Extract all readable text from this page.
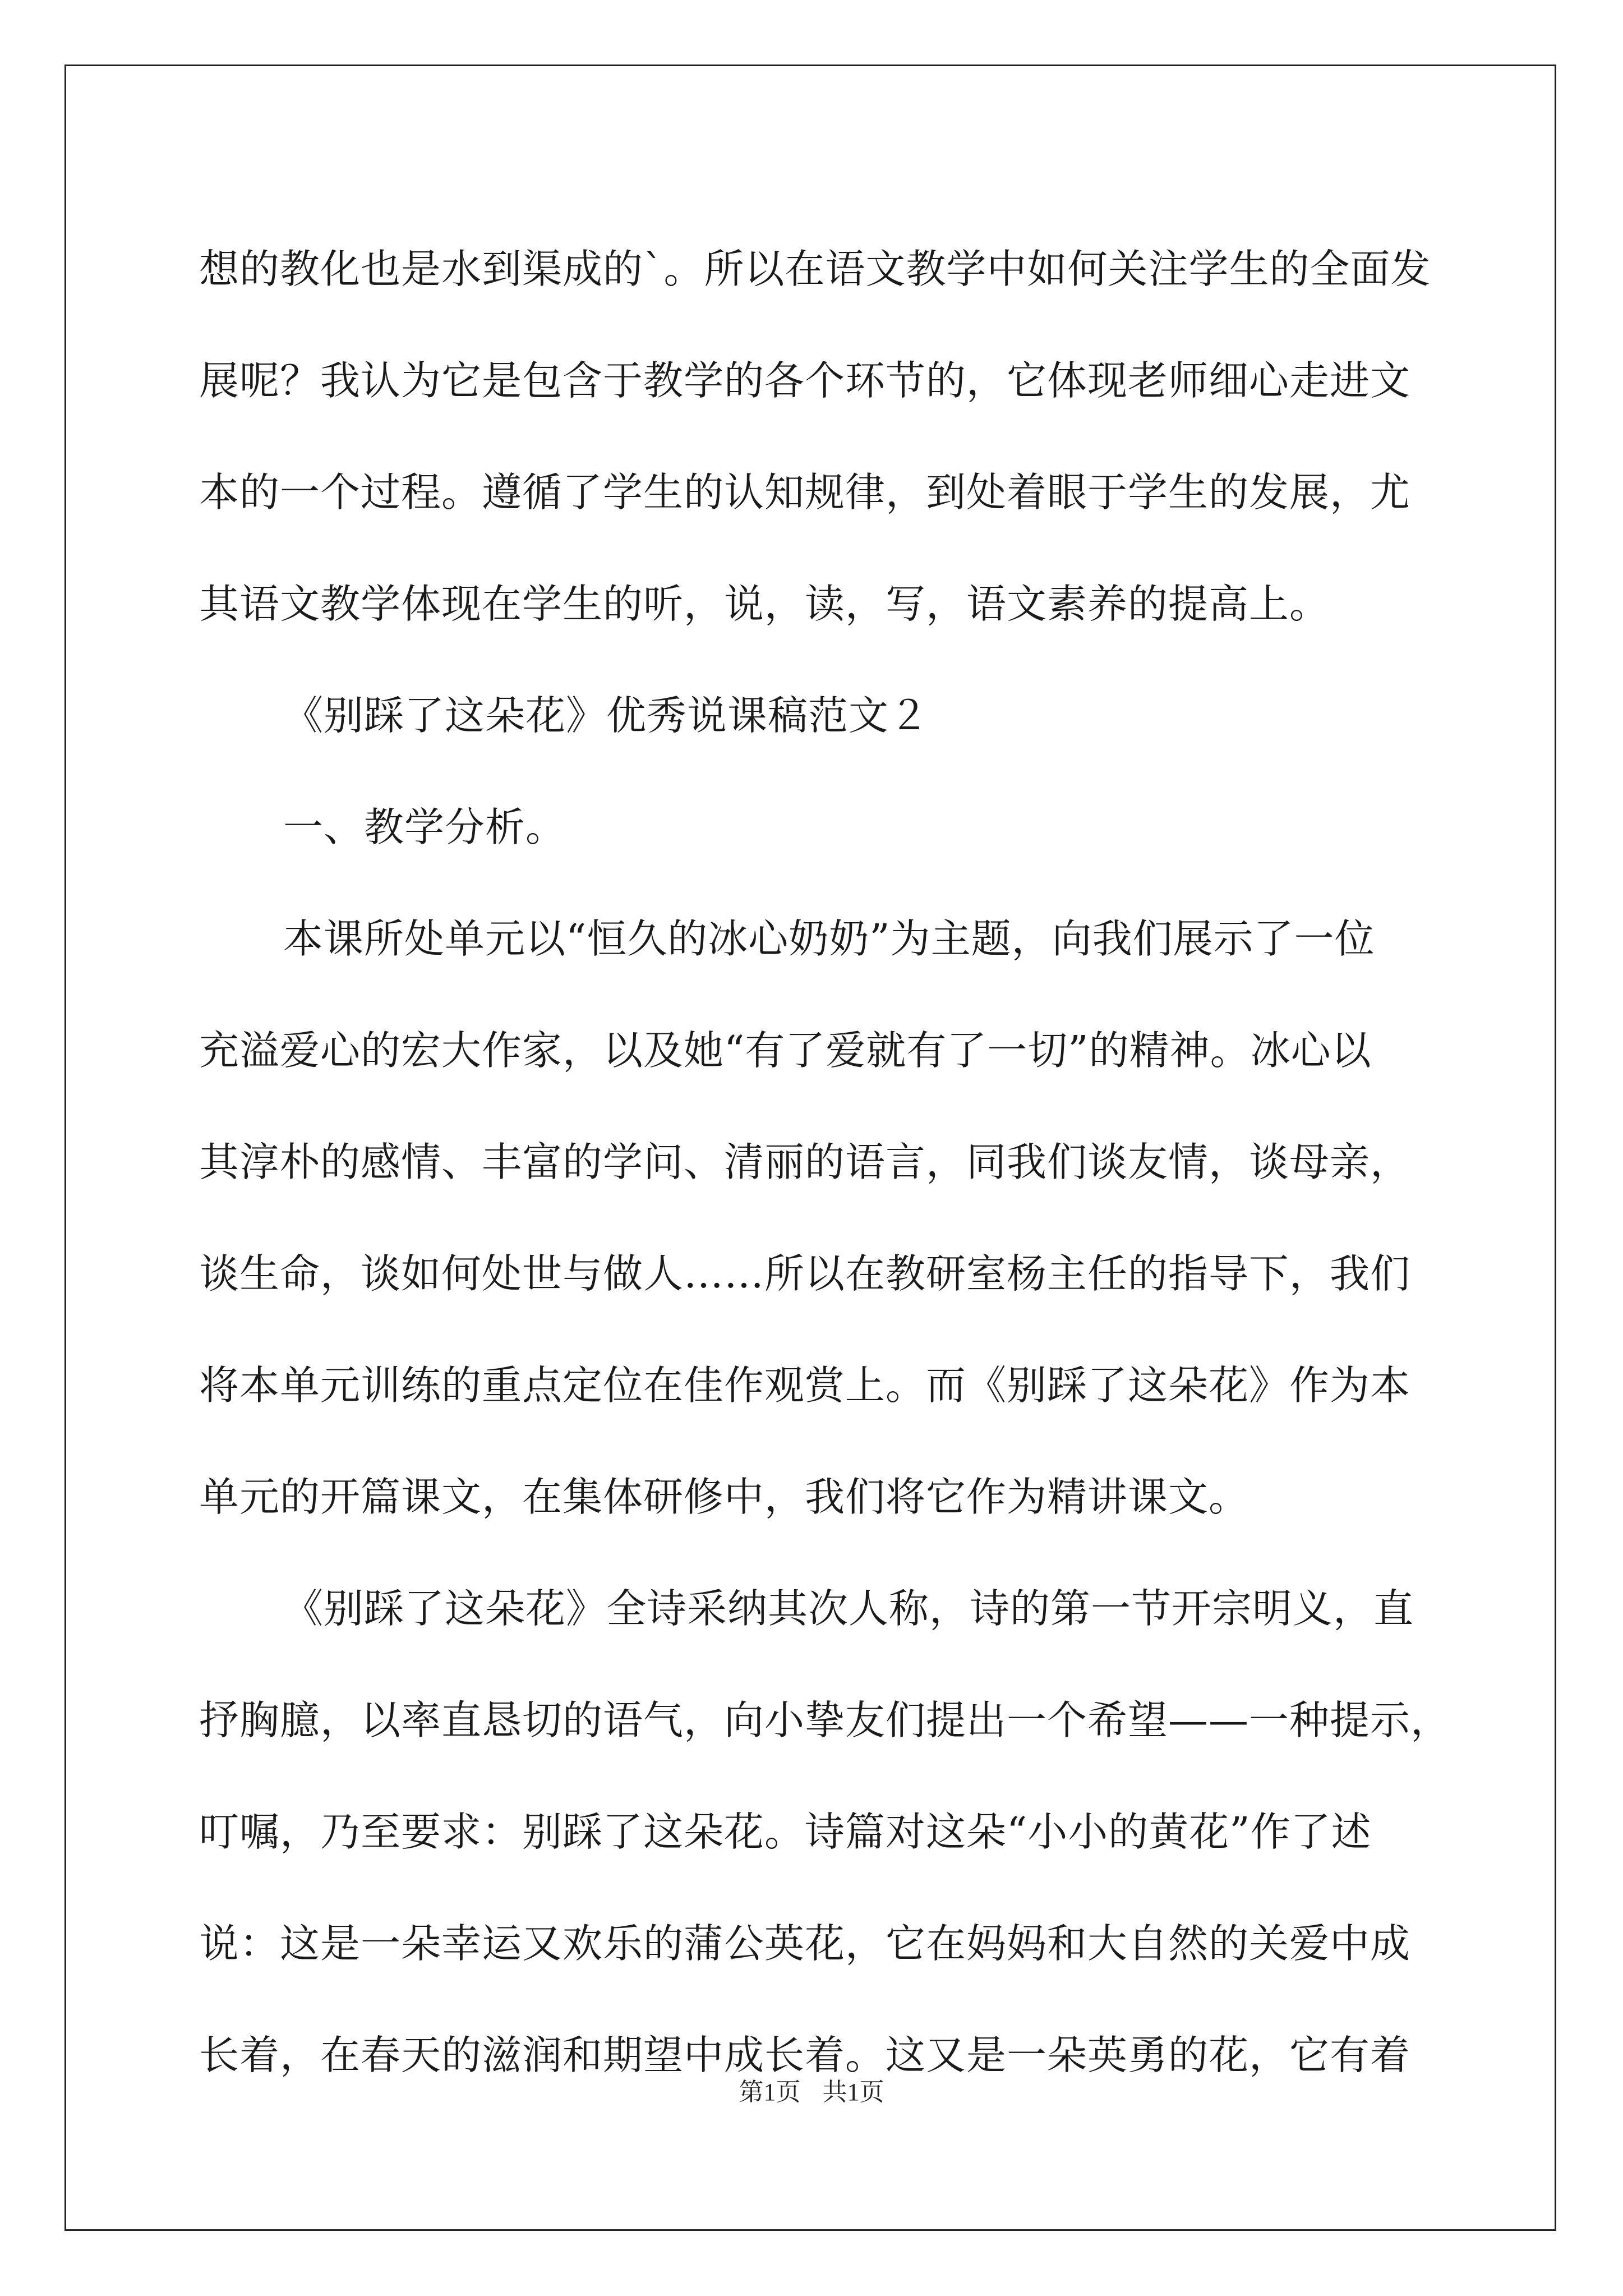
想的教化也是水到渠成的`。所以在语文教学中如何关注学生的全面发
展呢？我认为它是包含于教学的各个环节的，它体现老师细心走进文
本的一个过程。遵循了学生的认知规律，到处着眼于学生的发展，尤
其语文教学体现在学生的听，说，读，写，语文素养的提高上。
《别踩了这朵花》优秀说课稿范文２
一、教学分析。
本课所处单元以“恒久的冰心奶奶”为主题，向我们展示了一位
充溢爱心的宏大作家，以及她“有了爱就有了一切”的精神。冰心以
其淳朴的感情、丰富的学问、清丽的语言，同我们谈友情，谈母亲，
谈生命，谈如何处世与做人……所以在教研室杨主任的指导下，我们
将本单元训练的重点定位在佳作观赏上。而《别踩了这朵花》作为本
单元的开篇课文，在集体研修中，我们将它作为精讲课文。
《别踩了这朵花》全诗采纳其次人称，诗的第一节开宗明义，直
抒胸臆，以率直恳切的语气，向小挚友们提出一个希望——一种提示，
叮嘱，乃至要求：别踩了这朵花。诗篇对这朵“小小的黄花”作了述
说：这是一朵幸运又欢乐的蒲公英花，它在妈妈和大自然的关爱中成
长着，在春天的滋润和期望中成长着。这又是一朵英勇的花，它有着
第1页 共1页
